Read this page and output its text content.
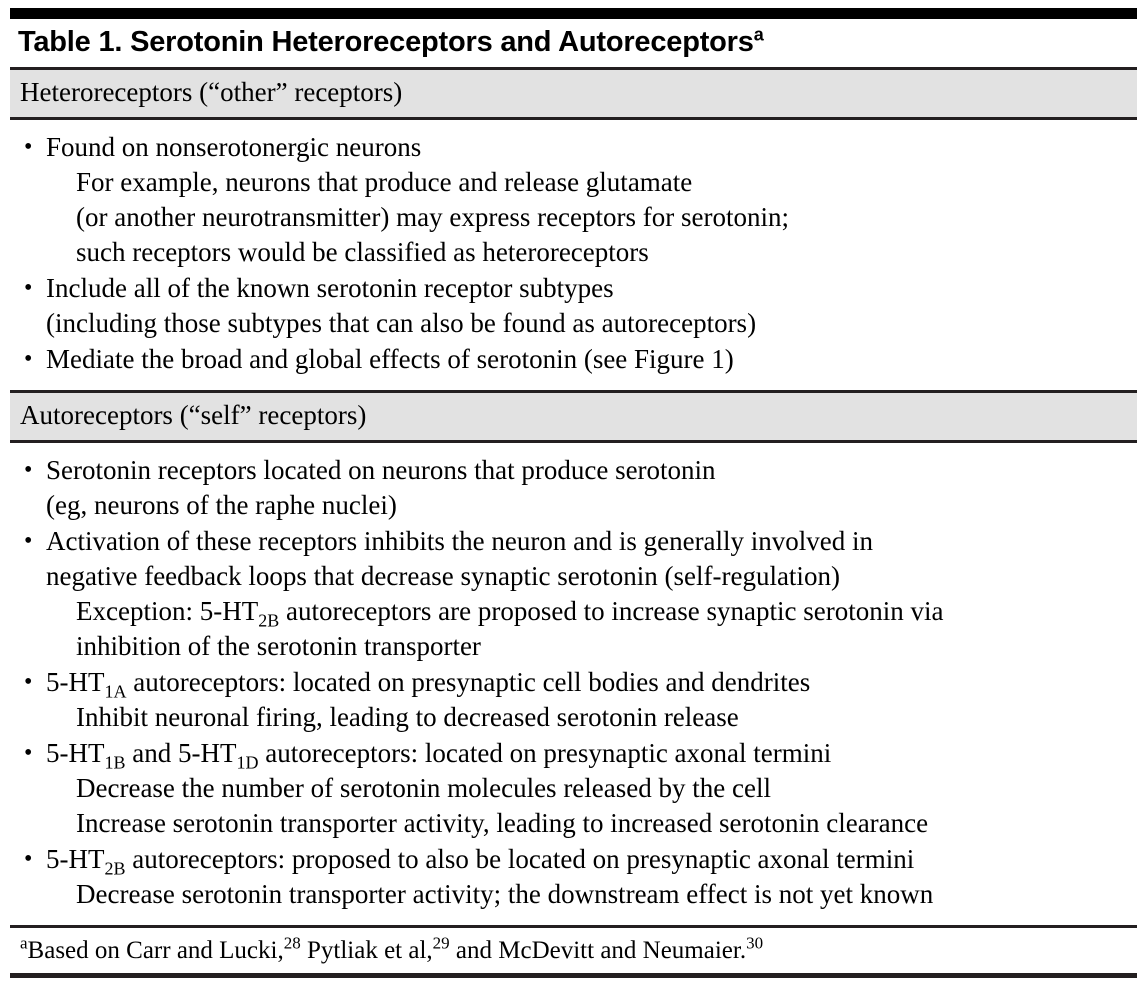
Table 1. Serotonin Heteroreceptors and Autoreceptors$^a$
Heteroreceptors (“other” receptors)
• Found on nonserotonergic neurons
For example, neurons that produce and release glutamate
(or another neurotransmitter) may express receptors for serotonin;
such receptors would be classified as heteroreceptors
• Include all of the known serotonin receptor subtypes
(including those subtypes that can also be found as autoreceptors)
• Mediate the broad and global effects of serotonin (see Figure 1)
Autoreceptors (“self” receptors)
• Serotonin receptors located on neurons that produce serotonin
(eg, neurons of the raphe nuclei)
• Activation of these receptors inhibits the neuron and is generally involved in
negative feedback loops that decrease synaptic serotonin (self-regulation)
Exception: $5-HT_{2B}$ autoreceptors are proposed to increase synaptic serotonin via
inhibition of the serotonin transporter
• $5-HT_{1A}$ autoreceptors: located on presynaptic cell bodies and dendrites
Inhibit neuronal firing, leading to decreased serotonin release
• $5-HT_{1B}$ and $5-HT_{1D}$ autoreceptors: located on presynaptic axonal termini
Decrease the number of serotonin molecules released by the cell
Increase serotonin transporter activity, leading to increased serotonin clearance
• $5-HT_{2B}$ autoreceptors: proposed to also be located on presynaptic axonal termini
Decrease serotonin transporter activity; the downstream effect is not yet known
$^a$Based on Carr and Lucki,$^{28}$ Pytliak et al,$^{29}$ and McDevitt and Neumaier.$^{30}$
